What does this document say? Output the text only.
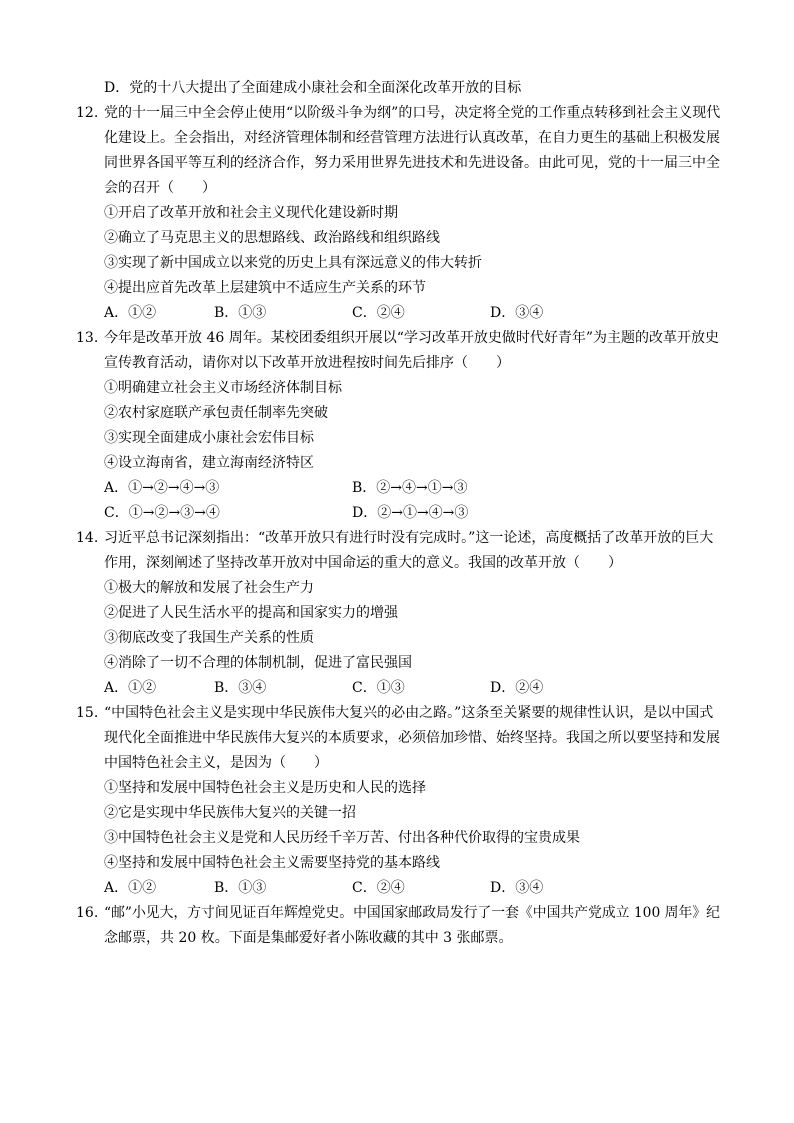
D．党的十八大提出了全面建成小康社会和全面深化改革开放的目标
12. 党的十一届三中全会停止使用“以阶级斗争为纲”的口号，决定将全党的工作重点转移到社会主义现代
化建设上。全会指出，对经济管理体制和经营管理方法进行认真改革，在自力更生的基础上积极发展
同世界各国平等互利的经济合作，努力采用世界先进技术和先进设备。由此可见，党的十一届三中全
会的召开（　　）
①开启了改革开放和社会主义现代化建设新时期
②确立了马克思主义的思想路线、政治路线和组织路线
③实现了新中国成立以来党的历史上具有深远意义的伟大转折
④提出应首先改革上层建筑中不适应生产关系的环节
A．①②	B．①③	C．②④	D．③④
13. 今年是改革开放 46 周年。某校团委组织开展以“学习改革开放史做时代好青年”为主题的改革开放史
宣传教育活动，请你对以下改革开放进程按时间先后排序（　　）
①明确建立社会主义市场经济体制目标
②农村家庭联产承包责任制率先突破
③实现全面建成小康社会宏伟目标
④设立海南省，建立海南经济特区
A．①→②→④→③	B．②→④→①→③
C．①→②→③→④	D．②→①→④→③
14. 习近平总书记深刻指出：“改革开放只有进行时没有完成时。”这一论述，高度概括了改革开放的巨大
作用，深刻阐述了坚持改革开放对中国命运的重大的意义。我国的改革开放（　　）
①极大的解放和发展了社会生产力
②促进了人民生活水平的提高和国家实力的增强
③彻底改变了我国生产关系的性质
④消除了一切不合理的体制机制，促进了富民强国
A．①②	B．③④	C．①③	D．②④
15. “中国特色社会主义是实现中华民族伟大复兴的必由之路。”这条至关紧要的规律性认识，是以中国式
现代化全面推进中华民族伟大复兴的本质要求，必须倍加珍惜、始终坚持。我国之所以要坚持和发展
中国特色社会主义，是因为（　　）
①坚持和发展中国特色社会主义是历史和人民的选择
②它是实现中华民族伟大复兴的关键一招
③中国特色社会主义是党和人民历经千辛万苦、付出各种代价取得的宝贵成果
④坚持和发展中国特色社会主义需要坚持党的基本路线
A．①②	B．①③	C．②④	D．③④
16. “邮”小见大，方寸间见证百年辉煌党史。中国国家邮政局发行了一套《中国共产党成立 100 周年》纪
念邮票，共 20 枚。下面是集邮爱好者小陈收藏的其中 3 张邮票。
